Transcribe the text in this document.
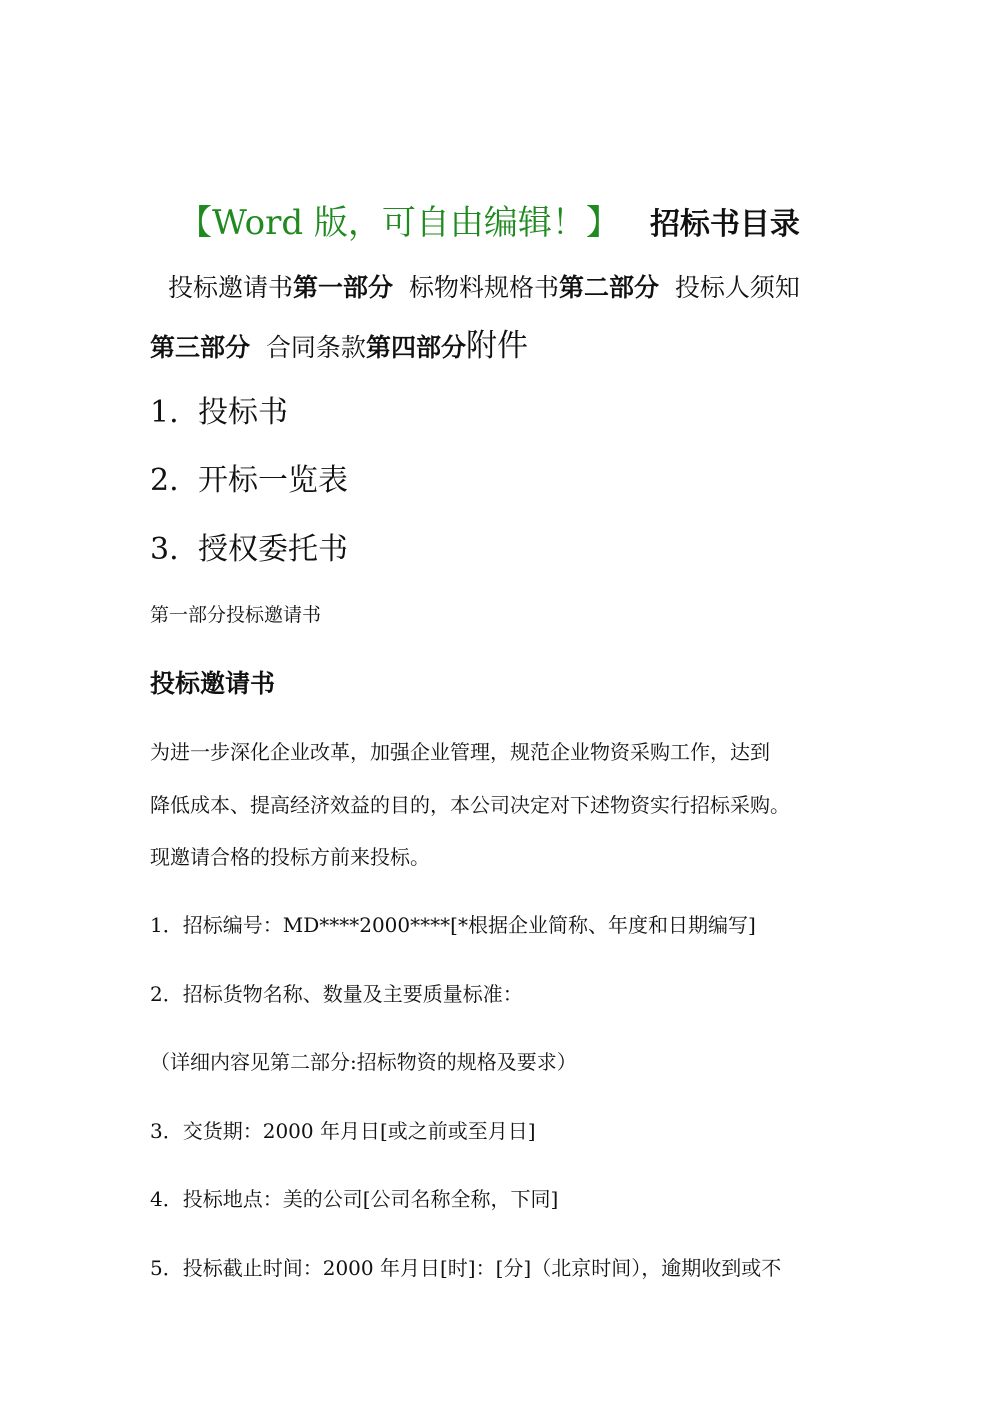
【Word 版，可自由编辑！】 招标书目录
投标邀请书第一部分 标物料规格书第二部分 投标人须知
第三部分 合同条款第四部分附件
1. 投标书
2. 开标一览表
3. 授权委托书
第一部分投标邀请书
投标邀请书
为进一步深化企业改革，加强企业管理，规范企业物资采购工作，达到
降低成本、提高经济效益的目的，本公司决定对下述物资实行招标采购。
现邀请合格的投标方前来投标。
1．招标编号：MD****2000****[*根据企业简称、年度和日期编写]
2．招标货物名称、数量及主要质量标准：
（详细内容见第二部分:招标物资的规格及要求）
3．交货期：2000 年月日[或之前或至月日]
4．投标地点：美的公司[公司名称全称，下同]
5．投标截止时间：2000 年月日[时]：[分]（北京时间），逾期收到或不
